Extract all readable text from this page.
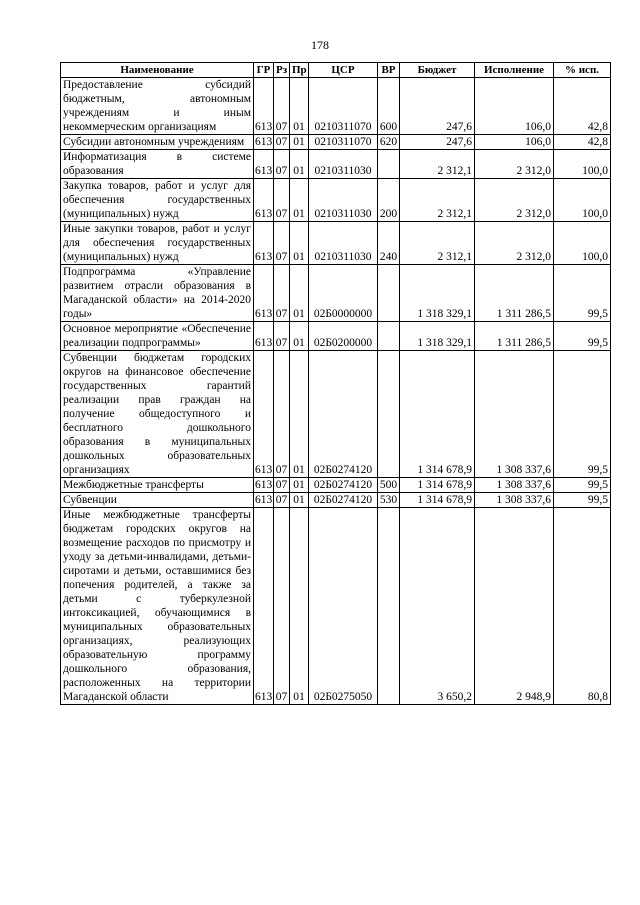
178
Наименование	ГР	Рз	Пр	ЦСР	ВР	Бюджет	Исполнение	% исп.
Предоставление субсидий бюджетным, автономным учреждениям и иным некоммерческим организациям	613	07	01	0210311070	600	247,6	106,0	42,8
Субсидии автономным учреждениям	613	07	01	0210311070	620	247,6	106,0	42,8
Информатизация в системе образования	613	07	01	0210311030		2 312,1	2 312,0	100,0
Закупка товаров, работ и услуг для обеспечения государственных (муниципальных) нужд	613	07	01	0210311030	200	2 312,1	2 312,0	100,0
Иные закупки товаров, работ и услуг для обеспечения государственных (муниципальных) нужд	613	07	01	0210311030	240	2 312,1	2 312,0	100,0
Подпрограмма «Управление развитием отрасли образования в Магаданской области» на 2014-2020 годы»	613	07	01	02Б0000000		1 318 329,1	1 311 286,5	99,5
Основное мероприятие «Обеспечение реализации подпрограммы»	613	07	01	02Б0200000		1 318 329,1	1 311 286,5	99,5
Субвенции бюджетам городских округов на финансовое обеспечение государственных гарантий реализации прав граждан на получение общедоступного и бесплатного дошкольного образования в муниципальных дошкольных образовательных организациях	613	07	01	02Б0274120		1 314 678,9	1 308 337,6	99,5
Межбюджетные трансферты	613	07	01	02Б0274120	500	1 314 678,9	1 308 337,6	99,5
Субвенции	613	07	01	02Б0274120	530	1 314 678,9	1 308 337,6	99,5
Иные межбюджетные трансферты бюджетам городских округов на возмещение расходов по присмотру и уходу за детьми-инвалидами, детьми-сиротами и детьми, оставшимися без попечения родителей, а также за детьми с туберкулезной интоксикацией, обучающимися в муниципальных образовательных организациях, реализующих образовательную программу дошкольного образования, расположенных на территории Магаданской области	613	07	01	02Б0275050		3 650,2	2 948,9	80,8
